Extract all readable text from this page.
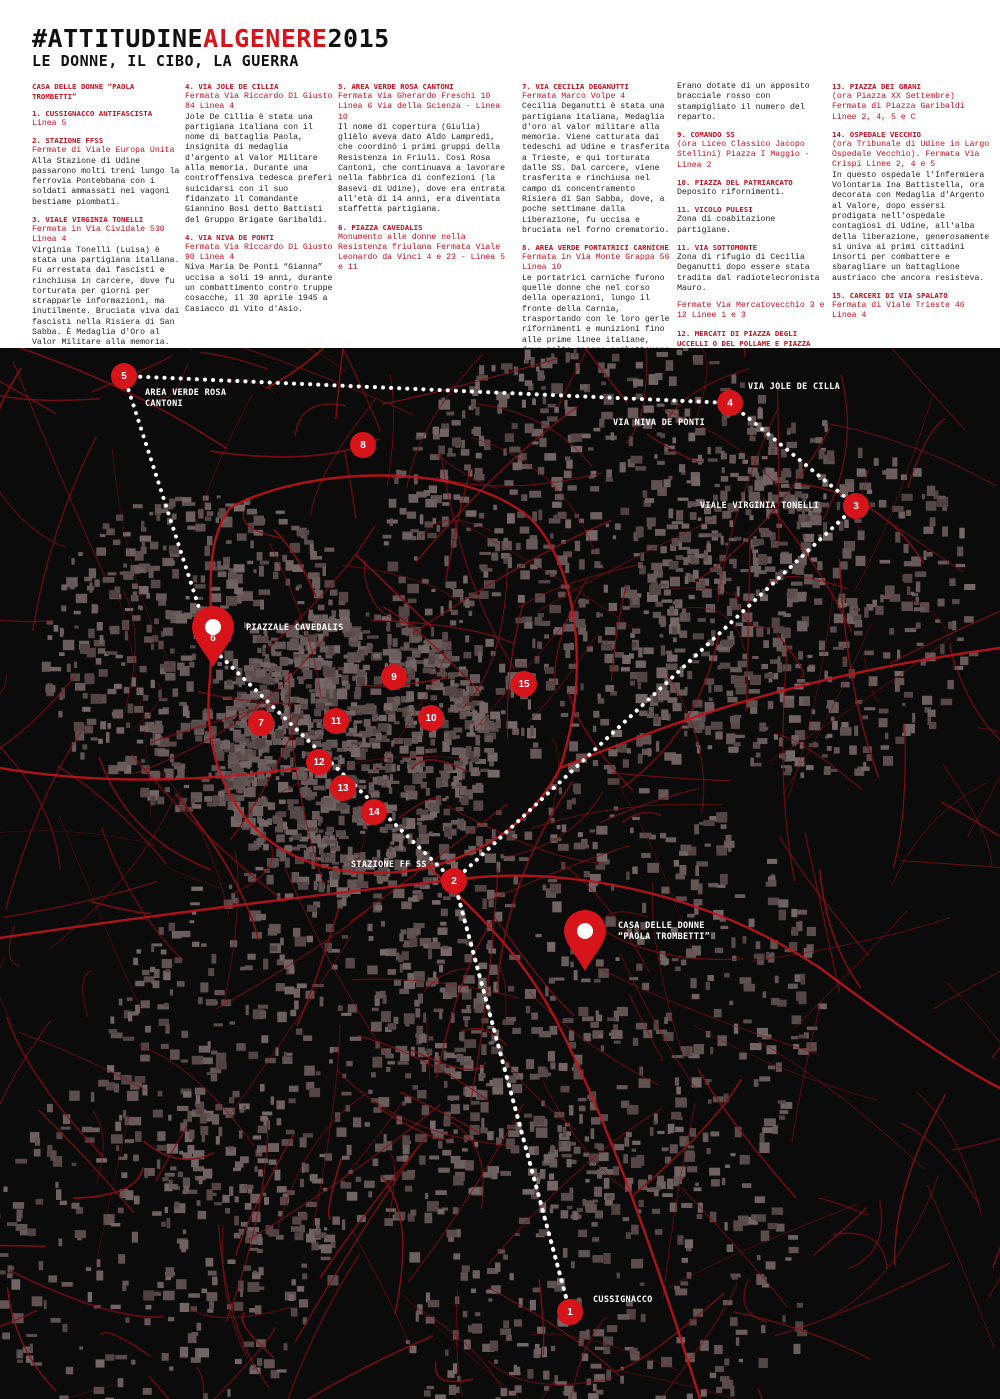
#ATTITUDINEALGENERE2015
LE DONNE, IL CIBO, LA GUERRA
CASA DELLE DONNE “PAOLA TROMBETTI”
1. CUSSIGNACCO ANTIFASCISTA
Linea 5
2. STAZIONE FFSS
Fermate di Viale Europa Unita
Alla Stazione di Udine passarono molti treni lungo la ferrovia Pontebbana con i soldati ammassati nei vagoni bestiame piombati.
3. VIALE VIRGINIA TONELLI
Fermata in Via Cividale 530 Linea 4
Virginia Tonelli (Luisa) è stata una partigiana italiana. Fu arrestata dai fascisti e rinchiusa in carcere, dove fu torturata per giorni per strapparle informazioni, ma inutilmente. Bruciata viva dai fascisti nella Risiera di San Sabba. È Medaglia d'Oro al Valor Militare alla memoria.
4. VIA JOLE DE CILLIA
Fermata Via Riccardo Di Giusto 84 Linea 4
Jole De Cillia è stata una partigiana italiana con il nome di battaglia Paola, insignita di medaglia d'argento al Valor Militare alla memoria. Durante una controffensiva tedesca preferì suicidarsi con il suo fidanzato il Comandante Giannino Bosi detto Battisti del Gruppo Brigate Garibaldi.
4. VIA NIVA DE PONTI
Fermata Via Riccardo Di Giusto 90 Linea 4
Niva Maria De Ponti “Gianna” uccisa a soli 19 anni, durante un combattimento contro truppe cosacche, il 30 aprile 1945 a Casiacco di Vito d'Asio.
5. AREA VERDE ROSA CANTONI
Fermata Via Gherardo Freschi 10 Linea 6 Via della Scienza - Linea 10
Il nome di copertura (Giulia) glièlo aveva dato Aldo Lampredi, che coordinò i primi gruppi della Resistenza in Friuli. Così Rosa Cantoni, che continuava a lavorare nella fabbrica di confezioni (la Basevi di Udine), dove era entrata all'età di 14 anni, era diventata staffetta partigiana.
6. PIAZZA CAVEDALIS
Monumento alle donne nella Resistenza friulana Fermata Viale Leonardo da Vinci 4 e 23 - Linea 5 e 11
7. VIA CECILIA DEGANUTTI
Fermata Marco Volpe 4
Cecilia Deganutti è stata una partigiana italiana, Medaglia d'oro al valor militare alla memoria. Viene catturata dai tedeschi ad Udine e trasferita a Trieste, e qui torturata dalle SS. Dal carcere, viene trasferita e rinchiusa nel campo di concentramento Risiera di San Sabba, dove, a poche settimane dalla Liberazione, fu uccisa e bruciata nel forno crematorio.
8. AREA VERDE PORTATRICI CARNICHE
Fermata in Via Monte Grappa 56 Linea 10
Le portatrici carniche furono quelle donne che nel corso della operazioni, lungo il fronte della Carnia, trasportando con le loro gerle rifornimenti e munizioni fino alle prime linee italiane,
Erano dotate di un apposito bracciale rosso con stampigliato il numero del reparto.
9. COMANDO SS
(ora Liceo Classico Jacopo Stellini) Piazza I Maggio - Linea 2
10. PIAZZA DEL PATRIARCATO
Deposito rifornimenti.
11. VICOLO PULESI
Zona di coabitazione partigiane.
11. VIA SOTTOMONTE
Zona di rifugio di Cecilia Deganutti dopo essere stata tradita dal radiotelecronista Mauro.
Fermate Via Mercatovecchio 3 e 12 Linee 1 e 3
12. MERCATI DI PIAZZA DEGLI UCCELLI O DEL POLLAME E PIAZZA
13. PIAZZA DEI GRANI
(ora Piazza XX Settembre) Fermata di Piazza Garibaldi Linee 2, 4, 5 e C
14. OSPEDALE VECCHIO
(ora Tribunale di Udine in Largo Ospedale Vecchio). Fermata Via Crispi Linee 2, 4 e 5
In questo ospedale l'Infermiera Volontaria Ina Battistella, ora decorata con Medaglia d'Argento al Valore, dopo essersi prodigata nell'ospedale contagiosi di Udine, all'alba della liberazione, generosamente si univa ai primi cittadini insorti per combattere e sbaragliare un battaglione austriaco che ancora resisteva.
15. CARCERI DI VIA SPALATO
Fermata di Viale Trieste 46 Linea 4
AREA VERDE ROSA
CANTONI
VIA JOLE DE CILLA
VIA NIVA DE PONTI
VIALE VIRGINIA TONELLI
PIAZZALE CAVEDALIS
STAZIONE FF SS
CASA DELLE DONNE
“PAOLA TROMBETTI”
CUSSIGNACCO
1
2
3
4
5
8
7
9
11	10
12
13
14
15
6
